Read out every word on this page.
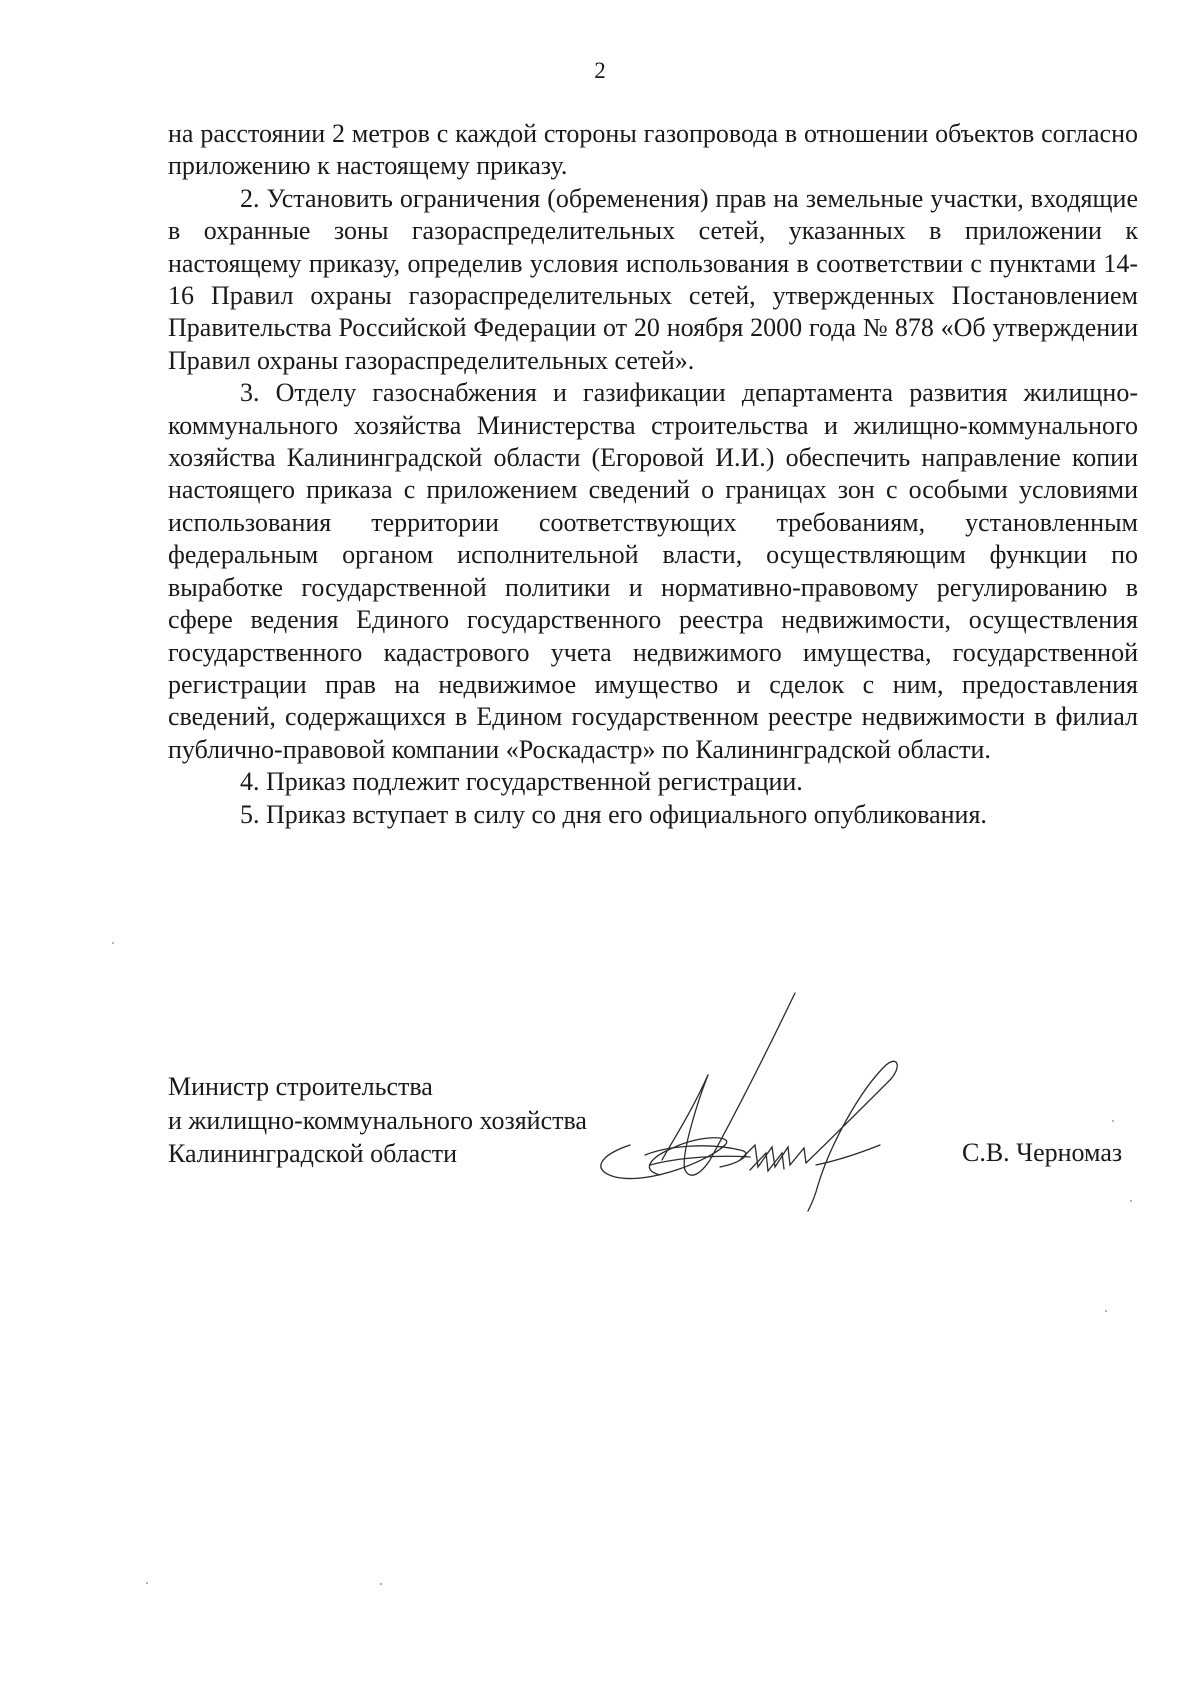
2

на расстоянии 2 метров с каждой стороны газопровода в отношении объектов согласно приложению к настоящему приказу.

2. Установить ограничения (обременения) прав на земельные участки, входящие в охранные зоны газораспределительных сетей, указанных в приложении к настоящему приказу, определив условия использования в соответствии с пунктами 14-16 Правил охраны газораспределительных сетей, утвержденных Постановлением Правительства Российской Федерации от 20 ноября 2000 года № 878 «Об утверждении Правил охраны газораспределительных сетей».

3. Отделу газоснабжения и газификации департамента развития жилищно-коммунального хозяйства Министерства строительства и жилищно-коммунального хозяйства Калининградской области (Егоровой И.И.) обеспечить направление копии настоящего приказа с приложением сведений о границах зон с особыми условиями использования территории соответствующих требованиям, установленным федеральным органом исполнительной власти, осуществляющим функции по выработке государственной политики и нормативно-правовому регулированию в сфере ведения Единого государственного реестра недвижимости, осуществления государственного кадастрового учета недвижимого имущества, государственной регистрации прав на недвижимое имущество и сделок с ним, предоставления сведений, содержащихся в Едином государственном реестре недвижимости в филиал публично-правовой компании «Роскадастр» по Калининградской области.

4. Приказ подлежит государственной регистрации.

5. Приказ вступает в силу со дня его официального опубликования.

Министр строительства
и жилищно-коммунального хозяйства
Калининградской области	С.В. Черномаз
